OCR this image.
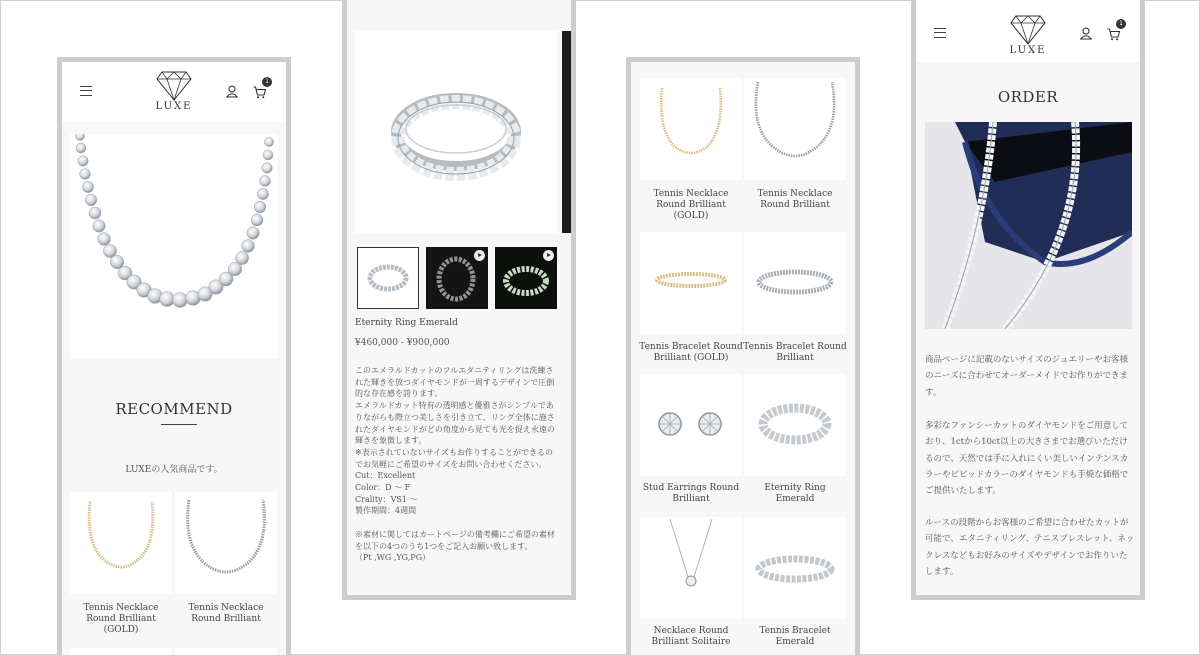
LUXE
1
RECOMMEND
LUXEの人気商品です。
Tennis Necklace Round Brilliant (GOLD)
Tennis Necklace Round Brilliant
Eternity Ring Emerald
¥460,000 - ¥900,000
このエメラルドカットのフルエタニティリングは洗練された輝きを放つダイヤモンドが一周するデザインで圧倒的な存在感を誇ります。
エメラルドカット特有の透明感と優雅さがシンプルでありながらも際立つ美しさを引き立て、リング全体に施されたダイヤモンドがどの角度から見ても光を捉え永遠の輝きを象徴します。
※表示されていないサイズもお作りすることができるのでお気軽にご希望のサイズをお問い合わせください。
Cut：Excellent
Color：D 〜 F
Crality：VS1 〜
製作期間：4週間

※素材に関してはカートページの備考欄にご希望の素材を以下の4つのうち1つをご記入お願い致します。
（Pt ,WG ,YG,PG）
Tennis Necklace Round Brilliant (GOLD)
Tennis Necklace Round Brilliant
Tennis Bracelet Round Brilliant (GOLD)
Tennis Bracelet Round Brilliant
Stud Earrings Round Brilliant
Eternity Ring Emerald
Necklace Round Brilliant Solitaire
Tennis Bracelet Emerald
LUXE
1
ORDER
商品ページに記載のないサイズのジュエリーやお客様のニーズに合わせてオーダーメイドでお作りができます。
多彩なファンシーカットのダイヤモンドをご用意しており、1ctから10ct以上の大きさまでお選びいただけるので、天然では手に入れにくい美しいインテンスカラーやビビッドカラーのダイヤモンドも手焼な価格でご提供いたします。
ルースの段階からお客様のご希望に合わせたカットが可能で、エタニティリング、テニスブレスレット、ネックレスなどもお好みのサイズやデザインでお作りいたします。
